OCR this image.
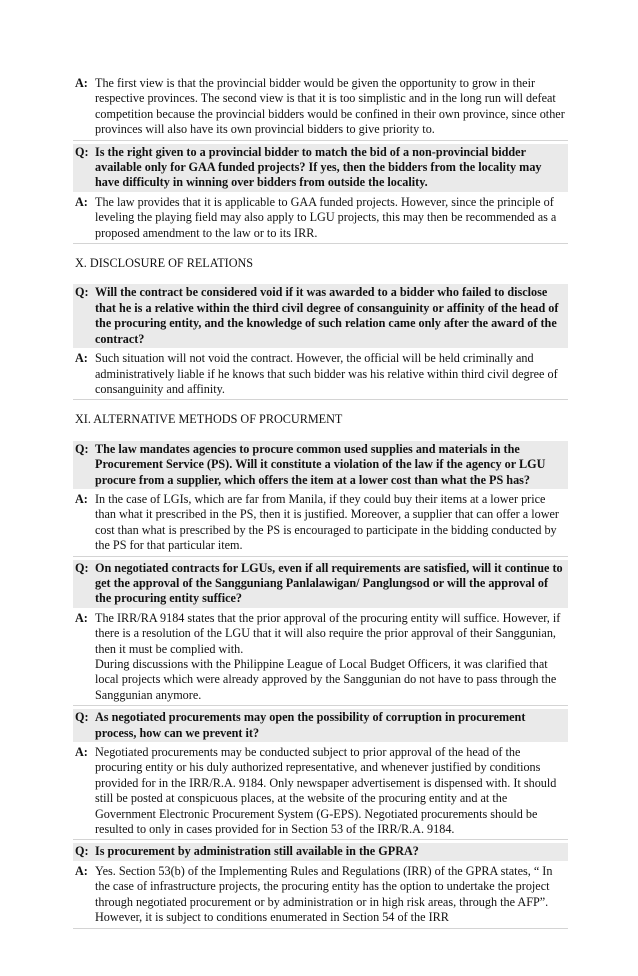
A: The first view is that the provincial bidder would be given the opportunity to grow in their respective provinces. The second view is that it is too simplistic and in the long run will defeat competition because the provincial bidders would be confined in their own province, since other provinces will also have its own provincial bidders to give priority to.
Q: Is the right given to a provincial bidder to match the bid of a non-provincial bidder available only for GAA funded projects? If yes, then the bidders from the locality may have difficulty in winning over bidders from outside the locality.
A: The law provides that it is applicable to GAA funded projects. However, since the principle of leveling the playing field may also apply to LGU projects, this may then be recommended as a proposed amendment to the law or to its IRR.
X. DISCLOSURE OF RELATIONS
Q: Will the contract be considered void if it was awarded to a bidder who failed to disclose that he is a relative within the third civil degree of consanguinity or affinity of the head of the procuring entity, and the knowledge of such relation came only after the award of the contract?
A: Such situation will not void the contract. However, the official will be held criminally and administratively liable if he knows that such bidder was his relative within third civil degree of consanguinity and affinity.
XI. ALTERNATIVE METHODS OF PROCURMENT
Q: The law mandates agencies to procure common used supplies and materials in the Procurement Service (PS). Will it constitute a violation of the law if the agency or LGU procure from a supplier, which offers the item at a lower cost than what the PS has?
A: In the case of LGIs, which are far from Manila, if they could buy their items at a lower price than what it prescribed in the PS, then it is justified. Moreover, a supplier that can offer a lower cost than what is prescribed by the PS is encouraged to participate in the bidding conducted by the PS for that particular item.
Q: On negotiated contracts for LGUs, even if all requirements are satisfied, will it continue to get the approval of the Sangguniang Panlalawigan/ Panglungsod or will the approval of the procuring entity suffice?
A: The IRR/RA 9184 states that the prior approval of the procuring entity will suffice. However, if there is a resolution of the LGU that it will also require the prior approval of their Sanggunian, then it must be complied with.
During discussions with the Philippine League of Local Budget Officers, it was clarified that local projects which were already approved by the Sanggunian do not have to pass through the Sanggunian anymore.
Q: As negotiated procurements may open the possibility of corruption in procurement process, how can we prevent it?
A: Negotiated procurements may be conducted subject to prior approval of the head of the procuring entity or his duly authorized representative, and whenever justified by conditions provided for in the IRR/R.A. 9184. Only newspaper advertisement is dispensed with. It should still be posted at conspicuous places, at the website of the procuring entity and at the Government Electronic Procurement System (G-EPS). Negotiated procurements should be resulted to only in cases provided for in Section 53 of the IRR/R.A. 9184.
Q: Is procurement by administration still available in the GPRA?
A: Yes. Section 53(b) of the Implementing Rules and Regulations (IRR) of the GPRA states, “ In the case of infrastructure projects, the procuring entity has the option to undertake the project through negotiated procurement or by administration or in high risk areas, through the AFP”. However, it is subject to conditions enumerated in Section 54 of the IRR
